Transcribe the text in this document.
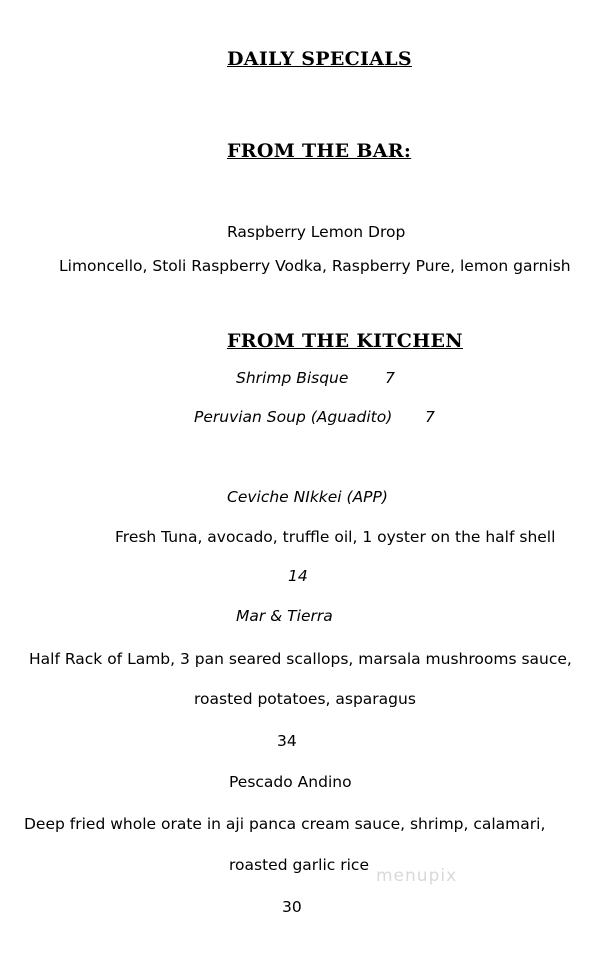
DAILY SPECIALS
FROM THE BAR:
Raspberry Lemon Drop
Limoncello, Stoli Raspberry Vodka, Raspberry Pure, lemon garnish
FROM THE KITCHEN
Shrimp Bisque 7
Peruvian Soup (Aguadito) 7
Ceviche NIkkei (APP)
Fresh Tuna, avocado, truffle oil, 1 oyster on the half shell
14
Mar & Tierra
Half Rack of Lamb, 3 pan seared scallops, marsala mushrooms sauce,
roasted potatoes, asparagus
34
Pescado Andino
Deep fried whole orate in aji panca cream sauce, shrimp, calamari,
roasted garlic rice
30
menupix
